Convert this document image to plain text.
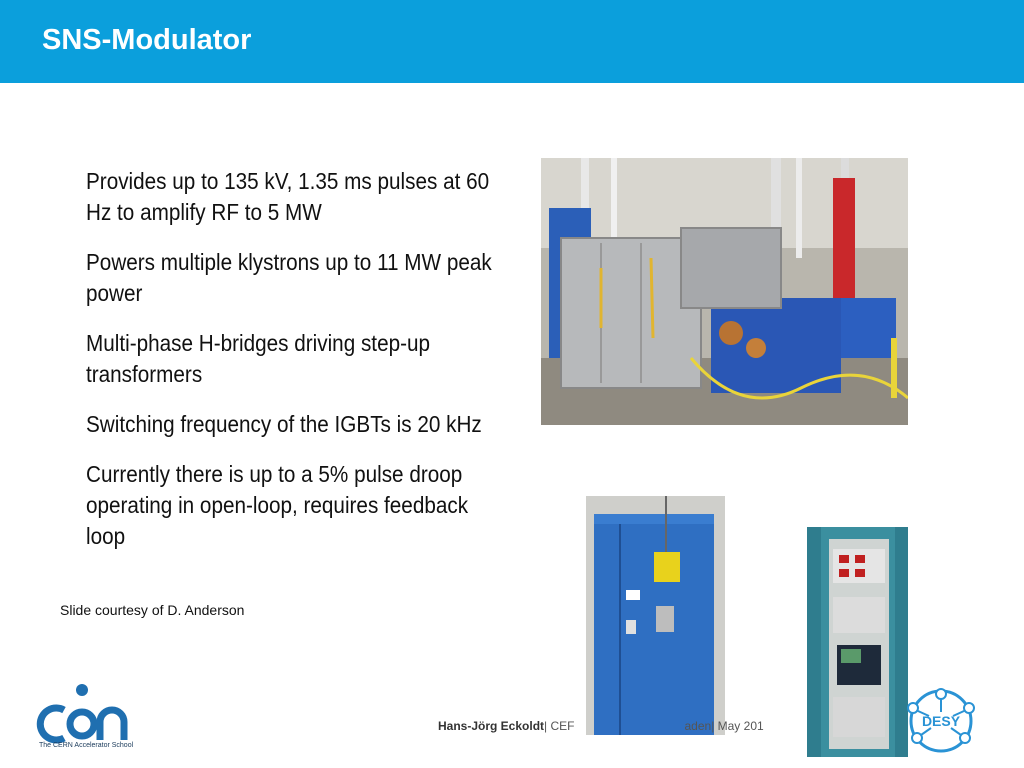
SNS-Modulator
Provides up to 135 kV, 1.35 ms pulses at 60 Hz to amplify RF to 5 MW
Powers multiple klystrons up to 11 MW peak power
Multi-phase H-bridges driving step-up transformers
Switching frequency of the IGBTs is 20 kHz
Currently there is up to a 5% pulse droop operating in open-loop, requires feedback loop
Slide courtesy of D. Anderson
Hans-Jörg Eckoldt| CEF	aden| May 201
The CERN Accelerator School
DESY
